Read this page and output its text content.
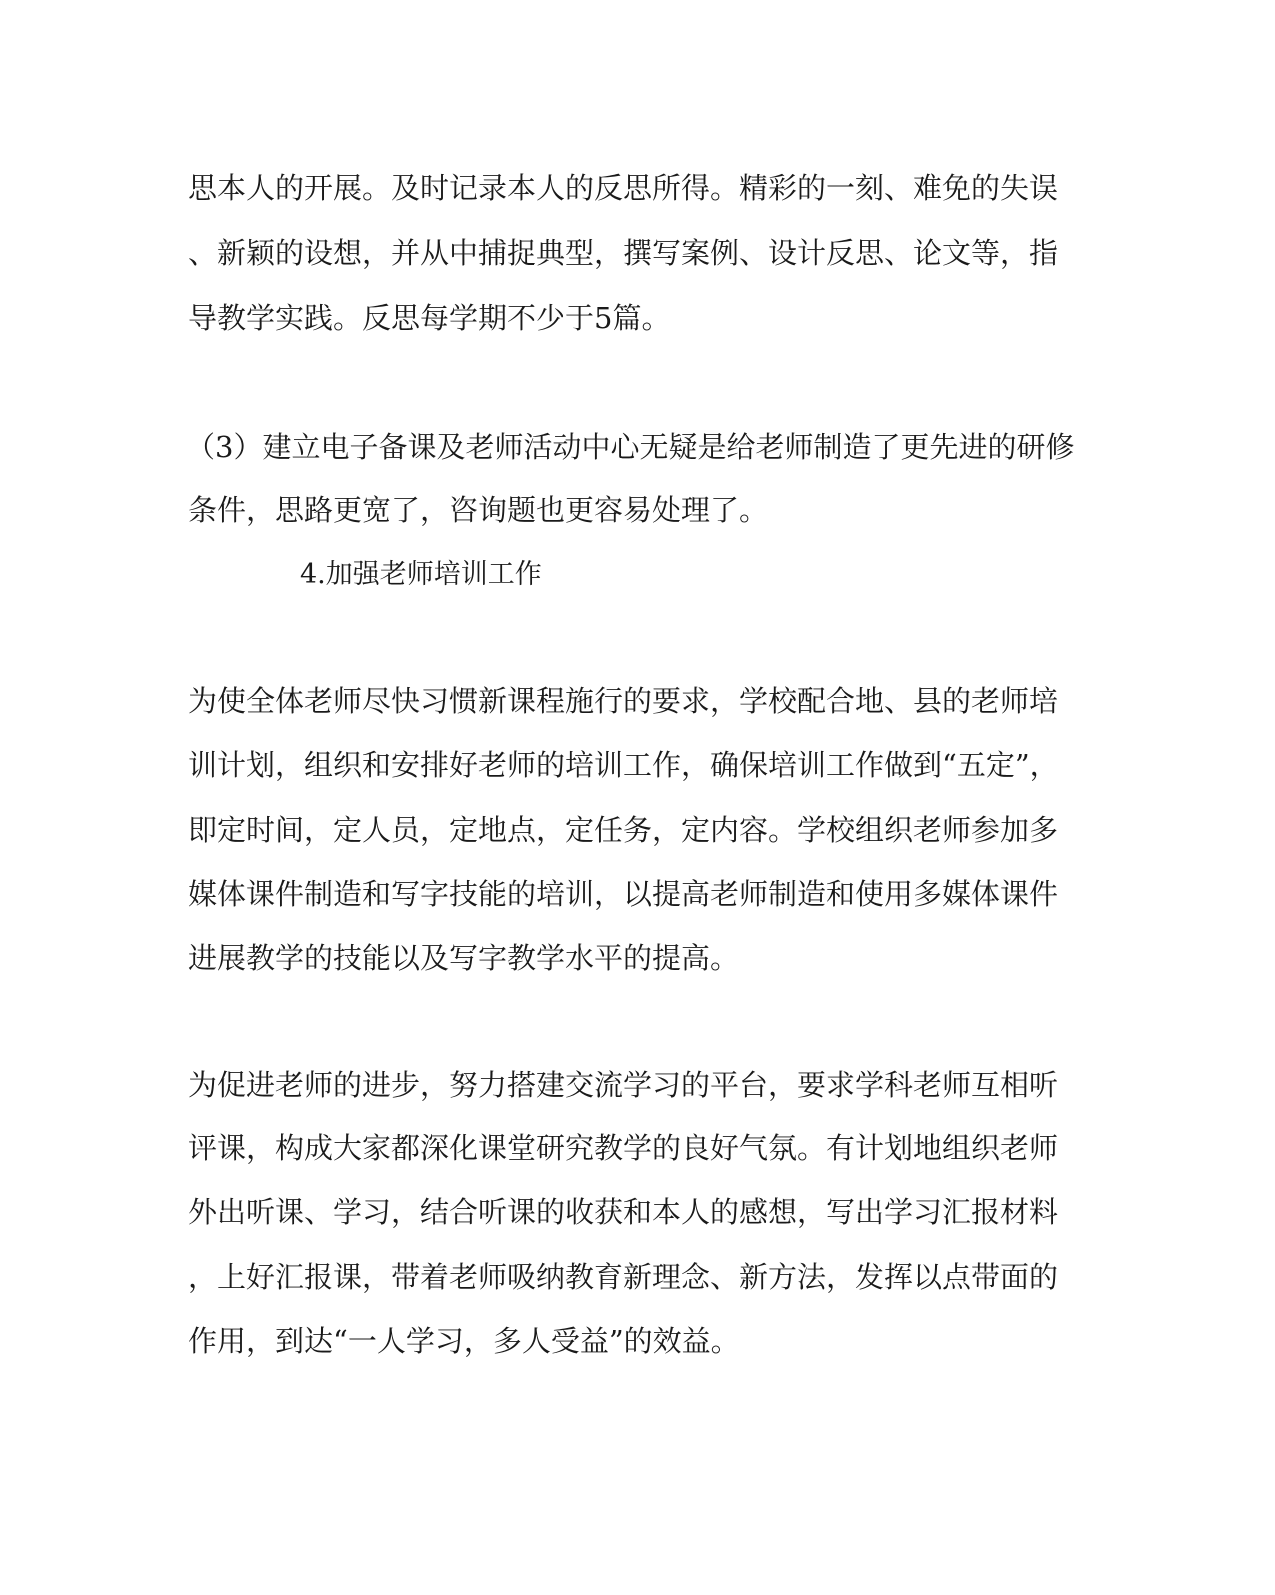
思本人的开展。及时记录本人的反思所得。精彩的一刻、难免的失误
、新颖的设想，并从中捕捉典型，撰写案例、设计反思、论文等，指
导教学实践。反思每学期不少于5篇。
（3）建立电子备课及老师活动中心无疑是给老师制造了更先进的研修
条件，思路更宽了，咨询题也更容易处理了。
4.加强老师培训工作
为使全体老师尽快习惯新课程施行的要求，学校配合地、县的老师培
训计划，组织和安排好老师的培训工作，确保培训工作做到“五定”，
即定时间，定人员，定地点，定任务，定内容。学校组织老师参加多
媒体课件制造和写字技能的培训，以提高老师制造和使用多媒体课件
进展教学的技能以及写字教学水平的提高。
为促进老师的进步，努力搭建交流学习的平台，要求学科老师互相听
评课，构成大家都深化课堂研究教学的良好气氛。有计划地组织老师
外出听课、学习，结合听课的收获和本人的感想，写出学习汇报材料
，上好汇报课，带着老师吸纳教育新理念、新方法，发挥以点带面的
作用，到达“一人学习，多人受益”的效益。
